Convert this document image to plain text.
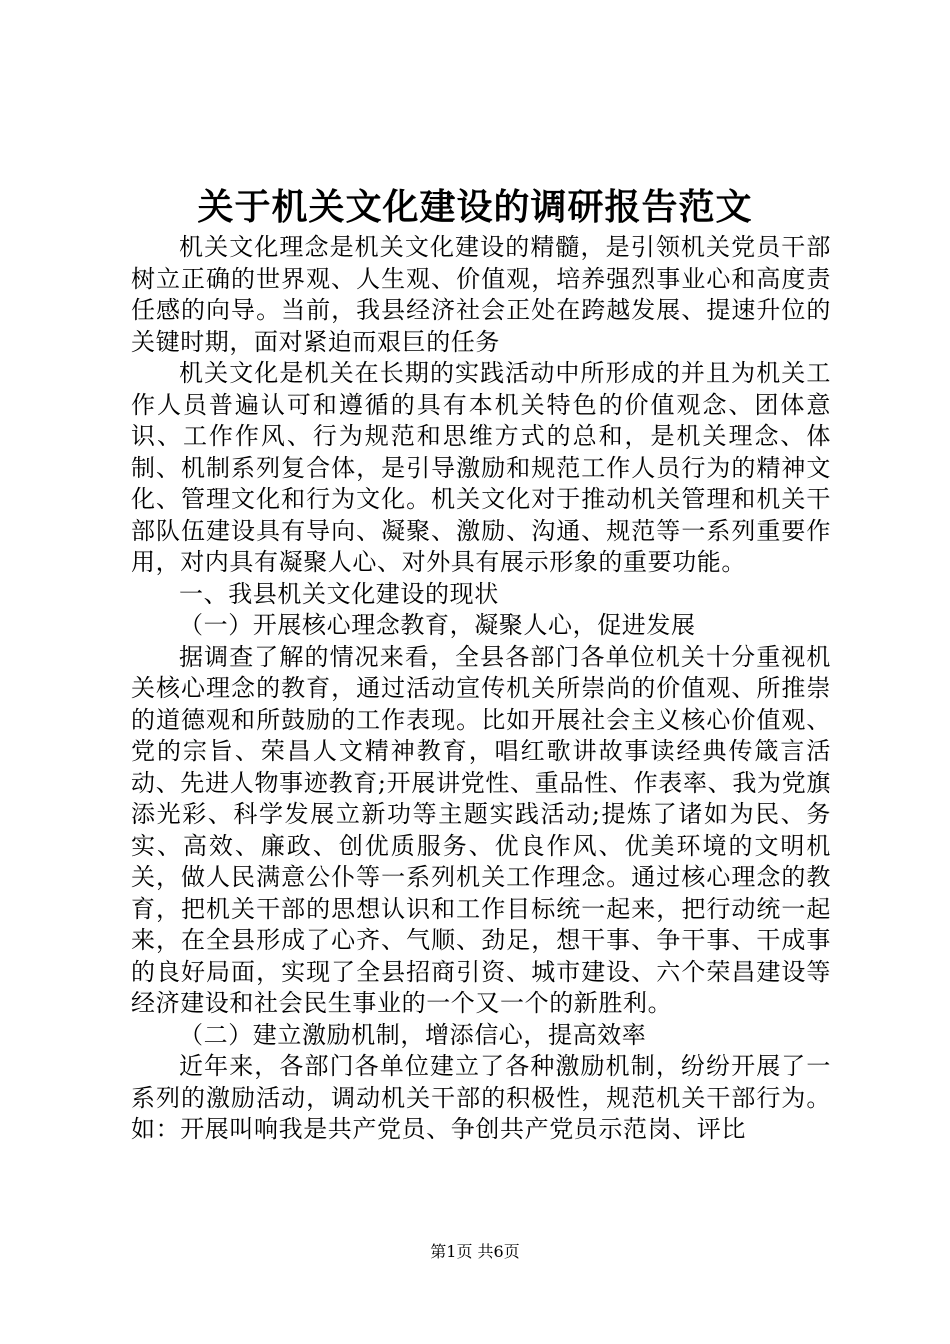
关于机关文化建设的调研报告范文

机关文化理念是机关文化建设的精髓，是引领机关党员干部树立正确的世界观、人生观、价值观，培养强烈事业心和高度责任感的向导。当前，我县经济社会正处在跨越发展、提速升位的关键时期，面对紧迫而艰巨的任务

机关文化是机关在长期的实践活动中所形成的并且为机关工作人员普遍认可和遵循的具有本机关特色的价值观念、团体意识、工作作风、行为规范和思维方式的总和，是机关理念、体制、机制系列复合体，是引导激励和规范工作人员行为的精神文化、管理文化和行为文化。机关文化对于推动机关管理和机关干部队伍建设具有导向、凝聚、激励、沟通、规范等一系列重要作用，对内具有凝聚人心、对外具有展示形象的重要功能。

一、我县机关文化建设的现状

（一）开展核心理念教育，凝聚人心，促进发展

据调查了解的情况来看，全县各部门各单位机关十分重视机关核心理念的教育，通过活动宣传机关所崇尚的价值观、所推崇的道德观和所鼓励的工作表现。比如开展社会主义核心价值观、党的宗旨、荣昌人文精神教育，唱红歌讲故事读经典传箴言活动、先进人物事迹教育;开展讲党性、重品性、作表率、我为党旗添光彩、科学发展立新功等主题实践活动;提炼了诸如为民、务实、高效、廉政、创优质服务、优良作风、优美环境的文明机关，做人民满意公仆等一系列机关工作理念。通过核心理念的教育，把机关干部的思想认识和工作目标统一起来，把行动统一起来，在全县形成了心齐、气顺、劲足，想干事、争干事、干成事的良好局面，实现了全县招商引资、城市建设、六个荣昌建设等经济建设和社会民生事业的一个又一个的新胜利。

（二）建立激励机制，增添信心，提高效率

近年来，各部门各单位建立了各种激励机制，纷纷开展了一系列的激励活动，调动机关干部的积极性，规范机关干部行为。如：开展叫响我是共产党员、争创共产党员示范岗、评比

第1页 共6页
